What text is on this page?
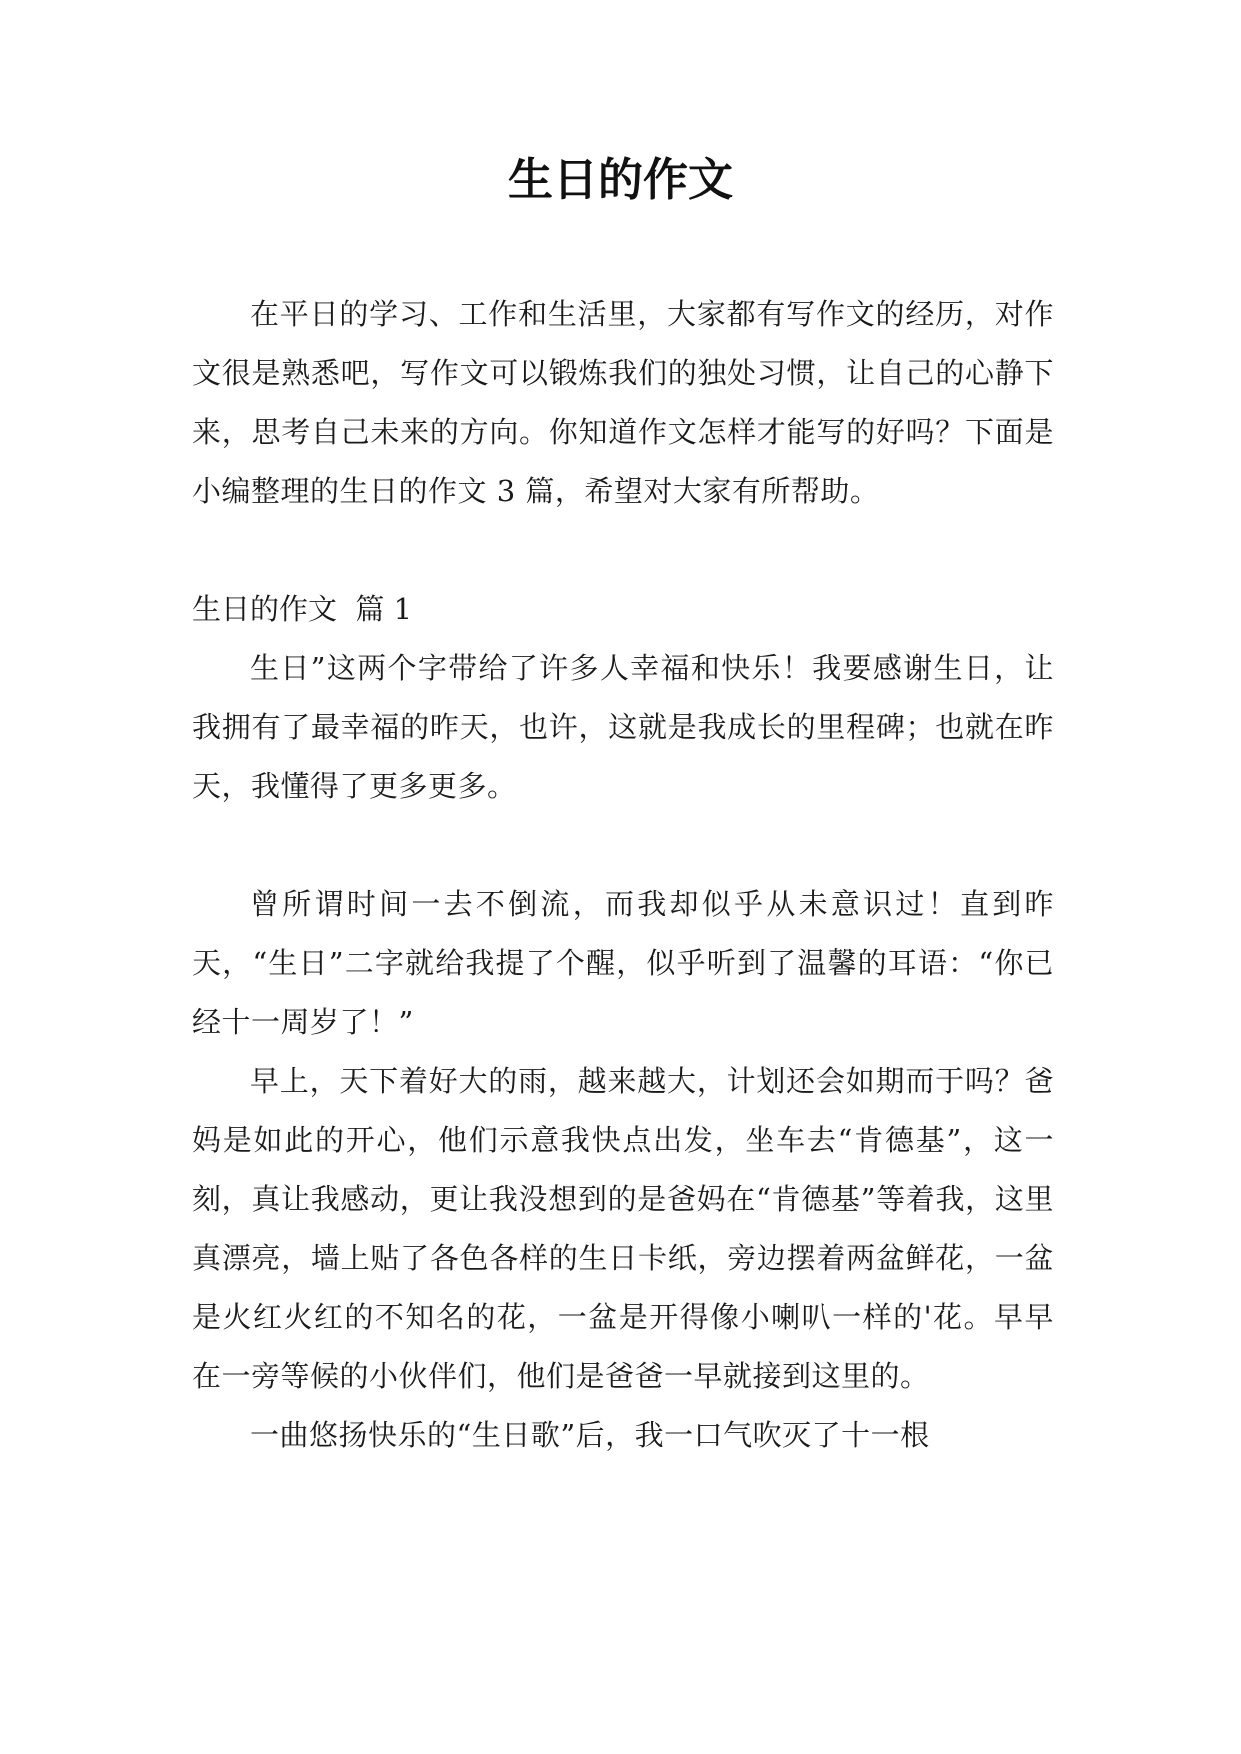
生日的作文

在平日的学习、工作和生活里，大家都有写作文的经历，对作文很是熟悉吧，写作文可以锻炼我们的独处习惯，让自己的心静下来，思考自己未来的方向。你知道作文怎样才能写的好吗？下面是小编整理的生日的作文 3 篇，希望对大家有所帮助。

生日的作文  篇 1

生日”这两个字带给了许多人幸福和快乐！我要感谢生日，让我拥有了最幸福的昨天，也许，这就是我成长的里程碑；也就在昨天，我懂得了更多更多。

曾所谓时间一去不倒流，而我却似乎从未意识过！直到昨天，“生日”二字就给我提了个醒，似乎听到了温馨的耳语：“你已经十一周岁了！”

早上，天下着好大的雨，越来越大，计划还会如期而于吗？爸妈是如此的开心，他们示意我快点出发，坐车去“肯德基”，这一刻，真让我感动，更让我没想到的是爸妈在“肯德基”等着我，这里真漂亮，墙上贴了各色各样的生日卡纸，旁边摆着两盆鲜花，一盆是火红火红的不知名的花，一盆是开得像小喇叭一样的'花。早早在一旁等候的小伙伴们，他们是爸爸一早就接到这里的。

一曲悠扬快乐的“生日歌”后，我一口气吹灭了十一根
